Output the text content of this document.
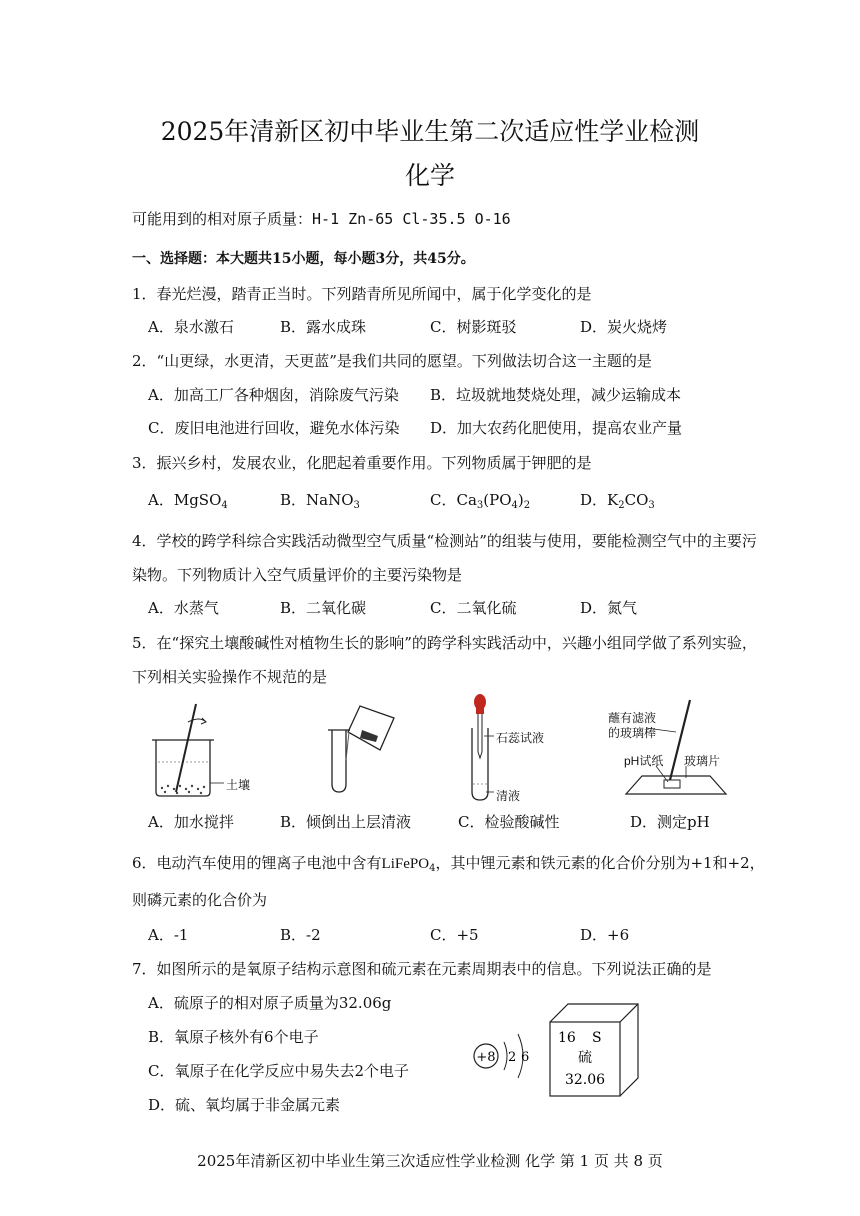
2025年清新区初中毕业生第二次适应性学业检测
化学
可能用到的相对原子质量：H-1 Zn-65 Cl-35.5 O-16
一、选择题：本大题共15小题，每小题3分，共45分。
1．春光烂漫，踏青正当时。下列踏青所见所闻中，属于化学变化的是
A．泉水激石	B．露水成珠	C．树影斑驳	D．炭火烧烤
2．“山更绿，水更清，天更蓝”是我们共同的愿望。下列做法切合这一主题的是
A．加高工厂各种烟囱，消除废气污染 B．垃圾就地焚烧处理，减少运输成本
C．废旧电池进行回收，避免水体污染 D．加大农药化肥使用，提高农业产量
3．振兴乡村，发展农业，化肥起着重要作用。下列物质属于钾肥的是
A．MgSO$_4$	B．NaNO$_3$	C．$Ca_3(PO_4)_2$	D．$K_2CO_3$
4．学校的跨学科综合实践活动微型空气质量“检测站”的组装与使用，要能检测空气中的主要污
染物。下列物质计入空气质量评价的主要污染物是
A．水蒸气	B．二氧化碳	C．二氧化硫	D．氮气
5．在“探究土壤酸碱性对植物生长的影响”的跨学科实践活动中，兴趣小组同学做了系列实验，
下列相关实验操作不规范的是
土壤
石蕊试液
清液
蘸有滤液
的玻璃棒
pH试纸 玻璃片
A．加水搅拌	B．倾倒出上层清液	C．检验酸碱性	D．测定pH
6．电动汽车使用的锂离子电池中含有LiFePO$_4$，其中锂元素和铁元素的化合价分别为+1和+2，
则磷元素的化合价为
A．-1	B．-2	C．+5	D．+6
7．如图所示的是氧原子结构示意图和硫元素在元素周期表中的信息。下列说法正确的是
A．硫原子的相对原子质量为32.06g
B．氧原子核外有6个电子
C．氧原子在化学反应中易失去2个电子
D．硫、氧均属于非金属元素
+8 2 6
16 S
硫
32.06
2025年清新区初中毕业生第三次适应性学业检测 化学 第 1 页 共 8 页
